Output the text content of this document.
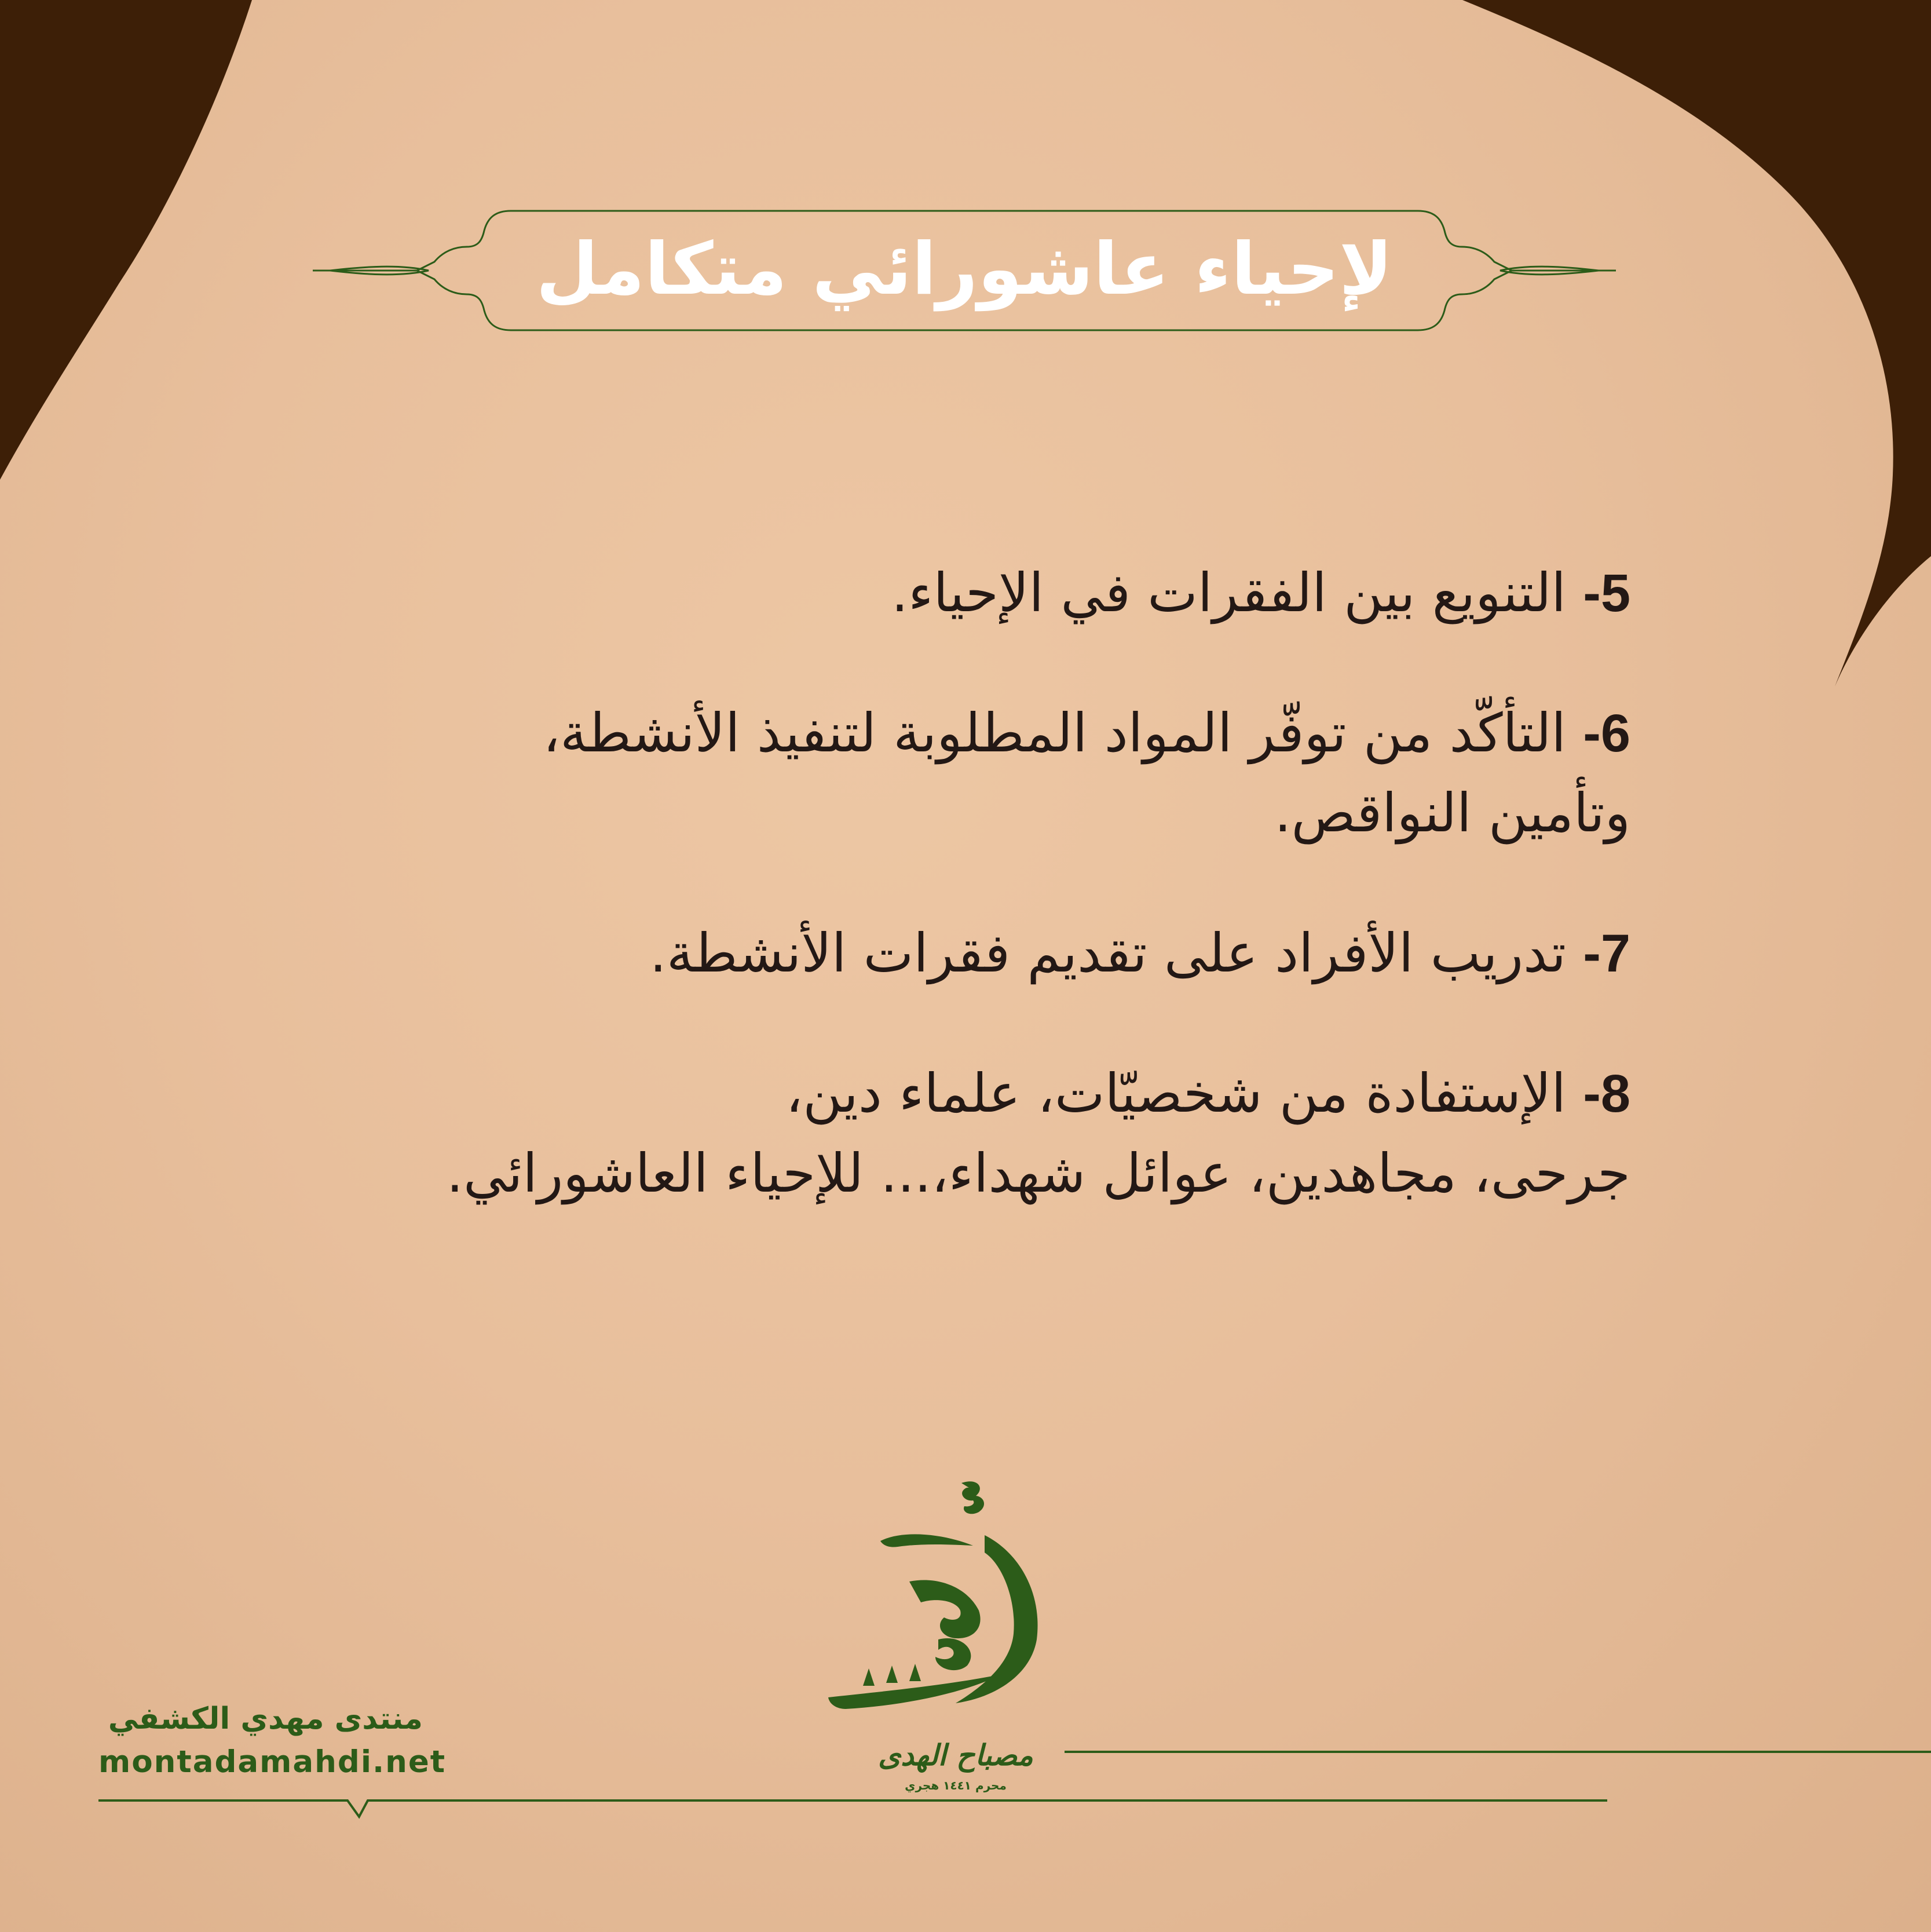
لإحياء عاشورائي متكامل
5- التنويع بين الفقرات في الإحياء.
6- التأكّد من توفّر المواد المطلوبة لتنفيذ الأنشطة،
وتأمين النواقص.
7- تدريب الأفراد على تقديم فقرات الأنشطة.
8- الإستفادة من شخصيّات، علماء دين،
جرحى، مجاهدين، عوائل شهداء،... للإحياء العاشورائي.
منتدى مهدي الكشفي
montadamahdi.net	مصباح الهدى
محرم ١٤٤١ هجري
